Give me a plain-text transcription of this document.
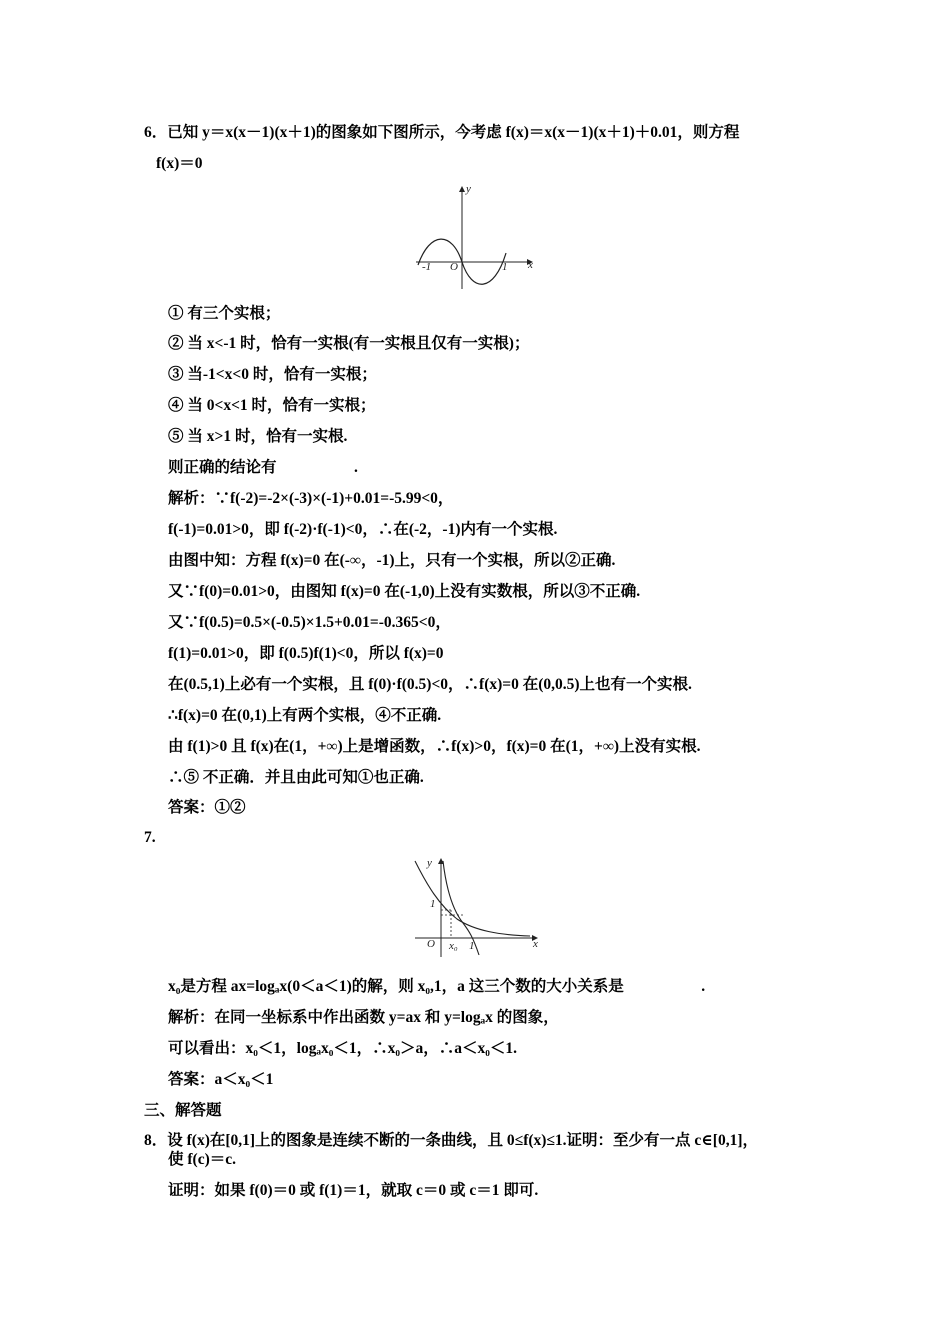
6．已知 y＝x(x－1)(x＋1)的图象如下图所示，今考虑 f(x)＝x(x－1)(x＋1)＋0.01，则方程
f(x)＝0
y
x
O
-1	1
① 有三个实根；
② 当 x<-1 时，恰有一实根(有一实根且仅有一实根)；
③ 当-1<x<0 时，恰有一实根；
④ 当 0<x<1 时，恰有一实根；
⑤ 当 x>1 时，恰有一实根.
则正确的结论有　　　　　.
解析：∵f(-2)=-2×(-3)×(-1)+0.01=-5.99<0，
f(-1)=0.01>0，即 f(-2)·f(-1)<0，∴在(-2，-1)内有一个实根.
由图中知：方程 f(x)=0 在(-∞，-1)上，只有一个实根，所以②正确.
又∵f(0)=0.01>0，由图知 f(x)=0 在(-1,0)上没有实数根，所以③不正确.
又∵f(0.5)=0.5×(-0.5)×1.5+0.01=-0.365<0，
f(1)=0.01>0，即 f(0.5)f(1)<0，所以 f(x)=0
在(0.5,1)上必有一个实根，且 f(0)·f(0.5)<0，∴f(x)=0 在(0,0.5)上也有一个实根.
∴f(x)=0 在(0,1)上有两个实根，④不正确.
由 f(1)>0 且 f(x)在(1，+∞)上是增函数，∴f(x)>0，f(x)=0 在(1，+∞)上没有实根.
∴⑤ 不正确．并且由此可知①也正确.
答案：①②
7.
y
x
O
1
x₀ 1
x₀是方程 ax=logₐx(0＜a＜1)的解，则 x₀,1，a 这三个数的大小关系是　　　　　.
解析：在同一坐标系中作出函数 y=ax 和 y=logₐx 的图象，
可以看出：x₀＜1，logₐx₀＜1，∴x₀＞a，∴a＜x₀＜1.
答案：a＜x₀＜1
三、解答题
8．设 f(x)在[0,1]上的图象是连续不断的一条曲线，且 0≤f(x)≤1.证明：至少有一点 c∈[0,1]，
使 f(c)＝c.
证明：如果 f(0)＝0 或 f(1)＝1，就取 c＝0 或 c＝1 即可.
